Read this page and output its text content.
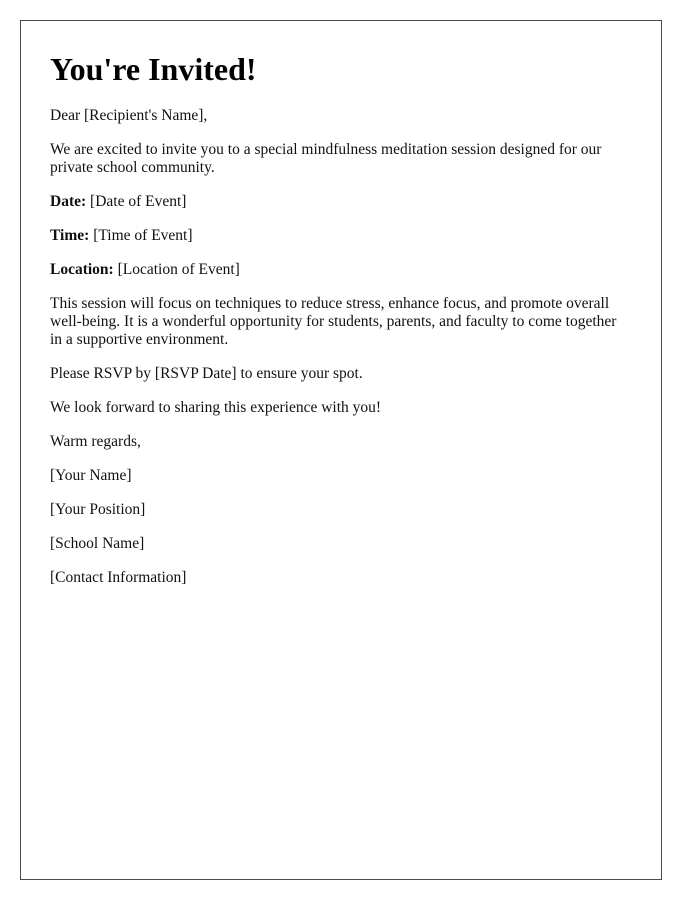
You're Invited!

Dear [Recipient's Name],

We are excited to invite you to a special mindfulness meditation session designed for our private school community.

Date: [Date of Event]

Time: [Time of Event]

Location: [Location of Event]

This session will focus on techniques to reduce stress, enhance focus, and promote overall well-being. It is a wonderful opportunity for students, parents, and faculty to come together in a supportive environment.

Please RSVP by [RSVP Date] to ensure your spot.

We look forward to sharing this experience with you!

Warm regards,

[Your Name]

[Your Position]

[School Name]

[Contact Information]
